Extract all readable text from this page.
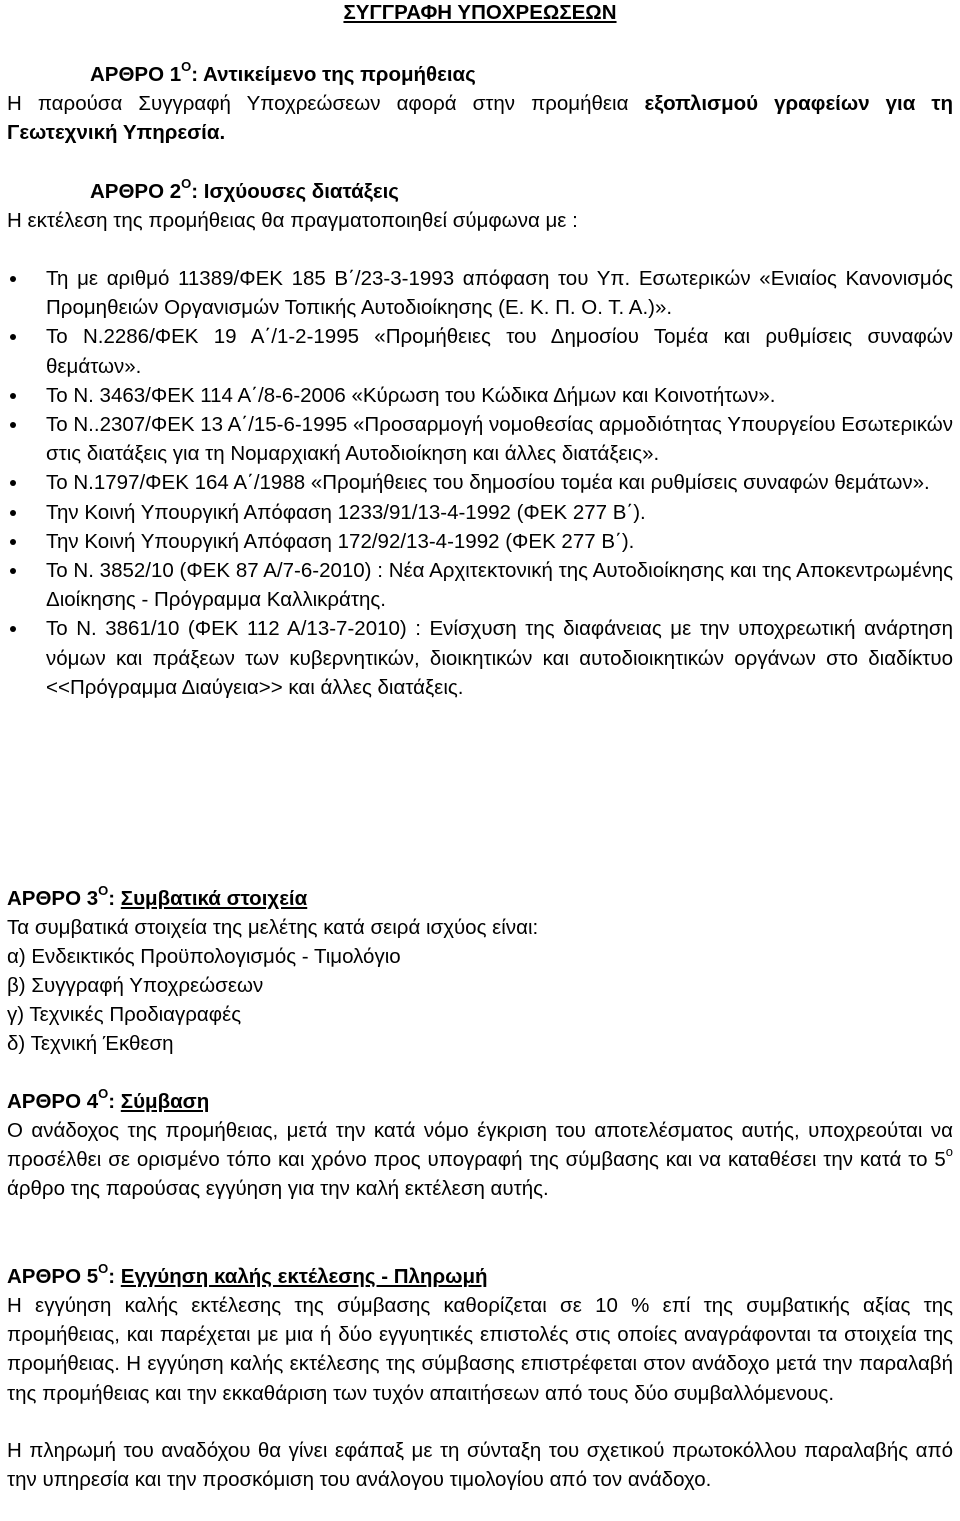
ΣΥΓΓΡΑΦΗ ΥΠΟΧΡΕΩΣΕΩΝ
ΑΡΘΡΟ $1^O$: Αντικείμενο της προμήθειας
Η παρούσα Συγγραφή Υποχρεώσεων αφορά στην προμήθεια εξοπλισμού γραφείων για τη Γεωτεχνική Υπηρεσία.
ΑΡΘΡΟ $2^O$: Ισχύουσες διατάξεις
Η εκτέλεση της προμήθειας θα πραγματοποιηθεί σύμφωνα με :
Τη με αριθμό 11389/ΦΕΚ 185 Β΄/23-3-1993 απόφαση του Υπ. Εσωτερικών «Ενιαίος Κανονισμός Προμηθειών Οργανισμών Τοπικής Αυτοδιοίκησης (Ε. Κ. Π. Ο. Τ. Α.)».
Το Ν.2286/ΦΕΚ 19 Α΄/1-2-1995 «Προμήθειες του Δημοσίου Τομέα και ρυθμίσεις συναφών θεμάτων».
Το Ν. 3463/ΦΕΚ 114 Α΄/8-6-2006 «Κύρωση του Κώδικα Δήμων και Κοινοτήτων».
Το Ν..2307/ΦΕΚ 13 Α΄/15-6-1995 «Προσαρμογή νομοθεσίας αρμοδιότητας Υπουργείου Εσωτερικών στις διατάξεις για τη Νομαρχιακή Αυτοδιοίκηση και άλλες διατάξεις».
Το Ν.1797/ΦΕΚ 164 Α΄/1988 «Προμήθειες του δημοσίου τομέα και ρυθμίσεις συναφών θεμάτων».
Την Κοινή Υπουργική Απόφαση 1233/91/13-4-1992 (ΦΕΚ 277 Β΄).
Την Κοινή Υπουργική Απόφαση 172/92/13-4-1992 (ΦΕΚ 277 Β΄).
Το Ν. 3852/10 (ΦΕΚ 87 Α/7-6-2010) : Νέα Αρχιτεκτονική της Αυτοδιοίκησης και της Αποκεντρωμένης Διοίκησης - Πρόγραμμα Καλλικράτης.
Το Ν. 3861/10 (ΦΕΚ 112 Α/13-7-2010) : Ενίσχυση της διαφάνειας με την υποχρεωτική ανάρτηση νόμων και πράξεων των κυβερνητικών, διοικητικών και αυτοδιοικητικών οργάνων στο διαδίκτυο <<Πρόγραμμα Διαύγεια>> και άλλες διατάξεις.
ΑΡΘΡΟ $3^O$: Συμβατικά στοιχεία
Τα συμβατικά στοιχεία της μελέτης κατά σειρά ισχύος είναι:
α) Ενδεικτικός Προϋπολογισμός - Τιμολόγιο
β) Συγγραφή Υποχρεώσεων
γ) Τεχνικές Προδιαγραφές
δ) Τεχνική Έκθεση
ΑΡΘΡΟ $4^O$: Σύμβαση
Ο ανάδοχος της προμήθειας, μετά την κατά νόμο έγκριση του αποτελέσματος αυτής, υποχρεούται να προσέλθει σε ορισμένο τόπο και χρόνο προς υπογραφή της σύμβασης και να καταθέσει την κατά το $5^o$ άρθρο της παρούσας εγγύηση για την καλή εκτέλεση αυτής.
ΑΡΘΡΟ $5^O$: Εγγύηση καλής εκτέλεσης - Πληρωμή
Η εγγύηση καλής εκτέλεσης της σύμβασης καθορίζεται σε 10 % επί της συμβατικής αξίας της προμήθειας, και παρέχεται με μια ή δύο εγγυητικές επιστολές στις οποίες αναγράφονται τα στοιχεία της προμήθειας. Η εγγύηση καλής εκτέλεσης της σύμβασης επιστρέφεται στον ανάδοχο μετά την παραλαβή της προμήθειας και την εκκαθάριση των τυχόν απαιτήσεων από τους δύο συμβαλλόμενους.
Η πληρωμή του αναδόχου θα γίνει εφάπαξ με τη σύνταξη του σχετικού πρωτοκόλλου παραλαβής από την υπηρεσία και την προσκόμιση του ανάλογου τιμολογίου από τον ανάδοχο.
